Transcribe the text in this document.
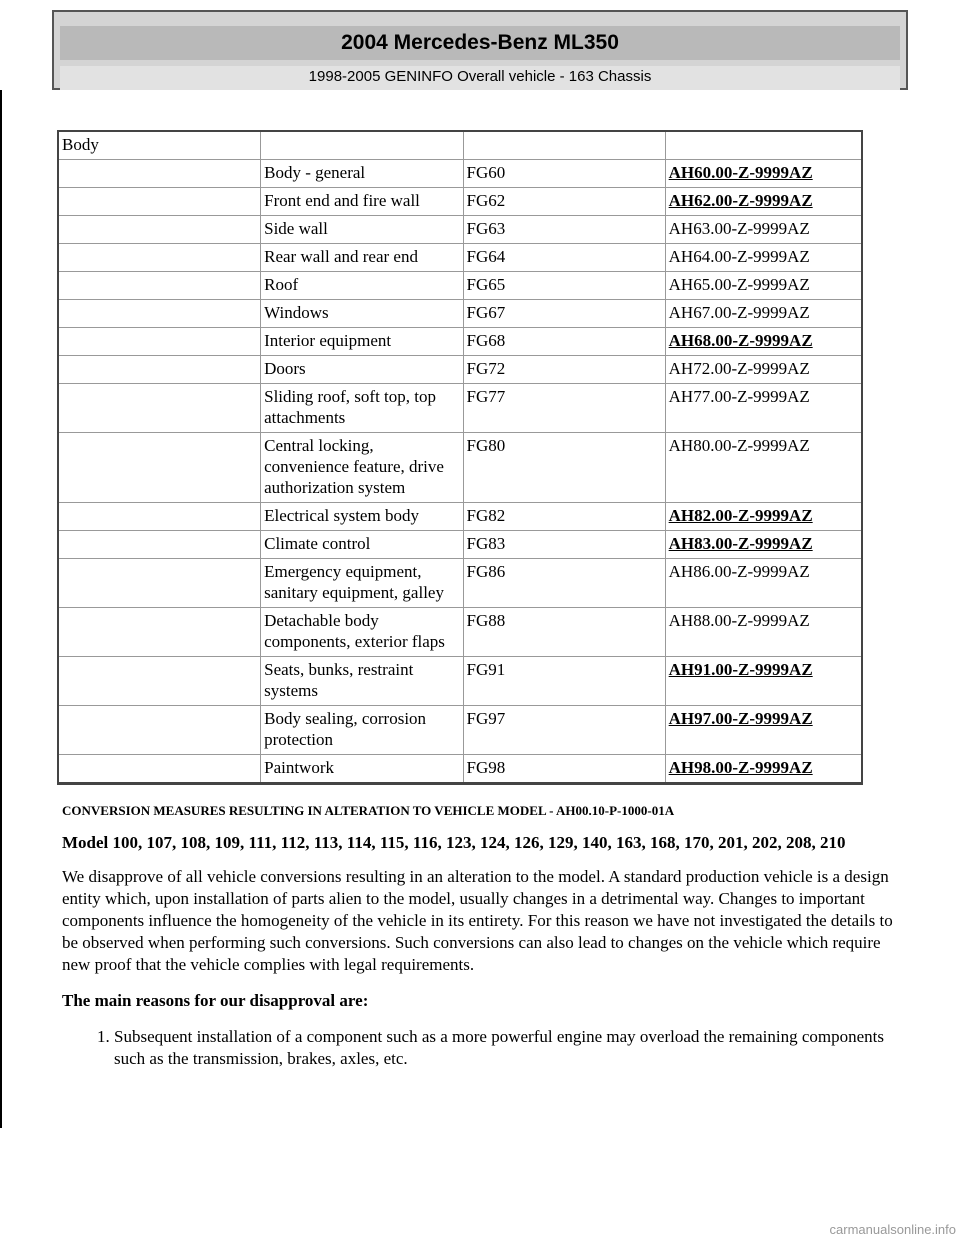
2004 Mercedes-Benz ML350
1998-2005 GENINFO Overall vehicle - 163 Chassis
Body			
	Body - general	FG60	AH60.00-Z-9999AZ
	Front end and fire wall	FG62	AH62.00-Z-9999AZ
	Side wall	FG63	AH63.00-Z-9999AZ
	Rear wall and rear end	FG64	AH64.00-Z-9999AZ
	Roof	FG65	AH65.00-Z-9999AZ
	Windows	FG67	AH67.00-Z-9999AZ
	Interior equipment	FG68	AH68.00-Z-9999AZ
	Doors	FG72	AH72.00-Z-9999AZ
	Sliding roof, soft top, top attachments	FG77	AH77.00-Z-9999AZ
	Central locking, convenience feature, drive authorization system	FG80	AH80.00-Z-9999AZ
	Electrical system body	FG82	AH82.00-Z-9999AZ
	Climate control	FG83	AH83.00-Z-9999AZ
	Emergency equipment, sanitary equipment, galley	FG86	AH86.00-Z-9999AZ
	Detachable body components, exterior flaps	FG88	AH88.00-Z-9999AZ
	Seats, bunks, restraint systems	FG91	AH91.00-Z-9999AZ
	Body sealing, corrosion protection	FG97	AH97.00-Z-9999AZ
	Paintwork	FG98	AH98.00-Z-9999AZ
CONVERSION MEASURES RESULTING IN ALTERATION TO VEHICLE MODEL - AH00.10-P-1000-01A
Model 100, 107, 108, 109, 111, 112, 113, 114, 115, 116, 123, 124, 126, 129, 140, 163, 168, 170, 201, 202, 208, 210

We disapprove of all vehicle conversions resulting in an alteration to the model. A standard production vehicle is a design entity which, upon installation of parts alien to the model, usually changes in a detrimental way. Changes to important components influence the homogeneity of the vehicle in its entirety. For this reason we have not investigated the details to be observed when performing such conversions. Such conversions can also lead to changes on the vehicle which require new proof that the vehicle complies with legal requirements.

The main reasons for our disapproval are:
1. Subsequent installation of a component such as a more powerful engine may overload the remaining components such as the transmission, brakes, axles, etc.
carmanualsonline.info
